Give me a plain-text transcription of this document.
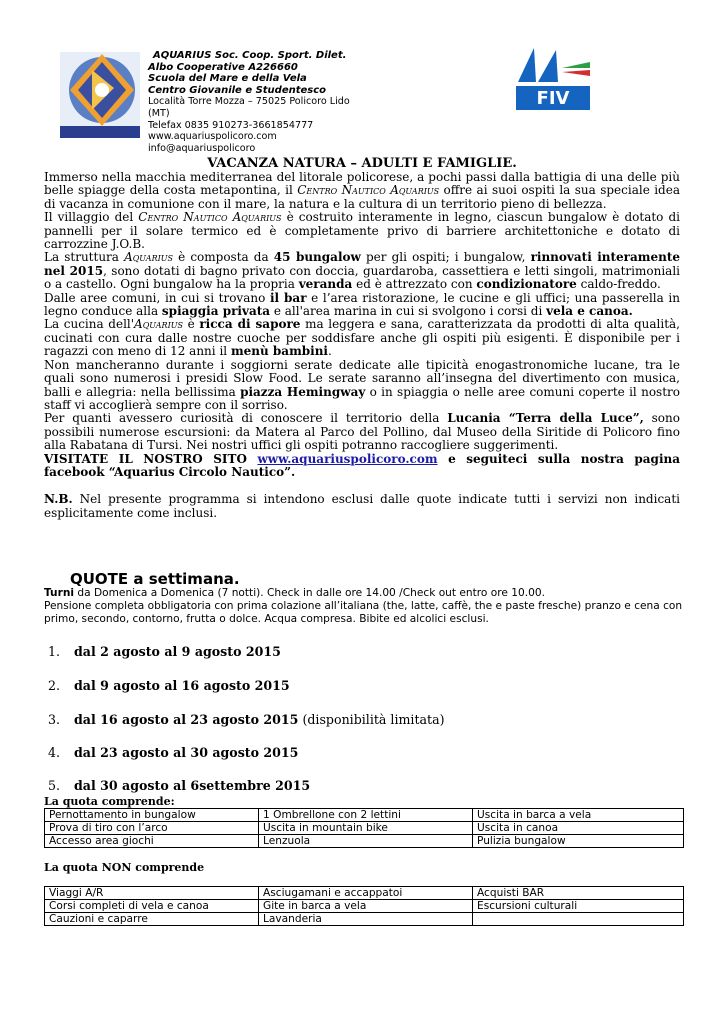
AQUARIUS Soc. Coop. Sport. Dilet.
Albo Cooperative A226660
Scuola del Mare e della Vela
Centro Giovanile e Studentesco
Località Torre Mozza – 75025 Policoro Lido (MT)
Telefax 0835 910273-3661854777
www.aquariuspolicoro.com
info@aquariuspolicoro
FIV
VACANZA NATURA – ADULTI E FAMIGLIE.

Immerso nella macchia mediterranea del litorale policorese, a pochi passi dalla battigia di una delle più belle spiagge della costa metapontina, il Centro Nautico Aquarius offre ai suoi ospiti la sua speciale idea di vacanza in comunione con il mare, la natura e la cultura di un territorio pieno di bellezza.

Il villaggio del Centro Nautico Aquarius è costruito interamente in legno, ciascun bungalow è dotato di pannelli per il solare termico ed è completamente privo di barriere architettoniche e dotato di carrozzine J.O.B.

La struttura Aquarius è composta da 45 bungalow per gli ospiti; i bungalow, rinnovati interamente nel 2015, sono dotati di bagno privato con doccia, guardaroba, cassettiera e letti singoli, matrimoniali o a castello. Ogni bungalow ha la propria veranda ed è attrezzato con condizionatore caldo-freddo.

Dalle aree comuni, in cui si trovano il bar e l’area ristorazione, le cucine e gli uffici; una passerella in legno conduce alla spiaggia privata e all'area marina in cui si svolgono i corsi di vela e canoa.

La cucina dell'Aquarius è ricca di sapore ma leggera e sana, caratterizzata da prodotti di alta qualità, cucinati con cura dalle nostre cuoche per soddisfare anche gli ospiti più esigenti. È disponibile per i ragazzi con meno di 12 anni il menù bambini.

Non mancheranno durante i soggiorni serate dedicate alle tipicità enogastronomiche lucane, tra le quali sono numerosi i presidi Slow Food. Le serate saranno all’insegna del divertimento con musica, balli e allegria: nella bellissima piazza Hemingway o in spiaggia o nelle aree comuni coperte il nostro staff vi accoglierà sempre con il sorriso.

Per quanti avessero curiosità di conoscere il territorio della Lucania “Terra della Luce”, sono possibili numerose escursioni: da Matera al Parco del Pollino, dal Museo della Siritide di Policoro fino alla Rabatana di Tursi. Nei nostri uffici gli ospiti potranno raccogliere suggerimenti.

VISITATE IL NOSTRO SITO www.aquariuspolicoro.com e seguiteci sulla nostra pagina facebook “Aquarius Circolo Nautico”.

N.B. Nel presente programma si intendono esclusi dalle quote indicate tutti i servizi non indicati esplicitamente come inclusi.

QUOTE a settimana.

Turni da Domenica a Domenica (7 notti). Check in dalle ore 14.00 /Check out entro ore 10.00.

Pensione completa obbligatoria con prima colazione all’italiana (the, latte, caffè, the e paste fresche) pranzo e cena con primo, secondo, contorno, frutta o dolce. Acqua compresa. Bibite ed alcolici esclusi.

1. dal 2 agosto al 9 agosto 2015
2. dal 9 agosto al 16 agosto 2015
3. dal 16 agosto al 23 agosto 2015 (disponibilità limitata)
4. dal 23 agosto al 30 agosto 2015
5. dal 30 agosto al 6settembre 2015
La quota comprende:
Pernottamento in bungalow	1 Ombrellone con 2 lettini	Uscita in barca a vela
Prova di tiro con l’arco	Uscita in mountain bike	Uscita in canoa
Accesso area giochi	Lenzuola	Pulizia bungalow
La quota NON comprende
Viaggi A/R	Asciugamani e accappatoi	Acquisti BAR
Corsi completi di vela e canoa	Gite in barca a vela	Escursioni culturali
Cauzioni e caparre	Lavanderia	
